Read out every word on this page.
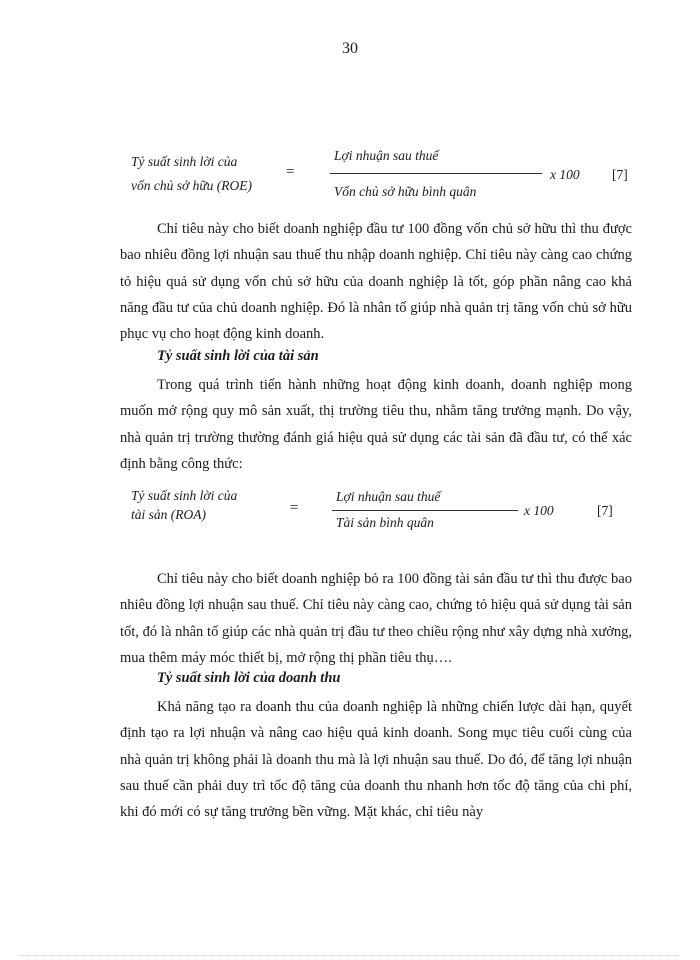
30
Tỷ suất sinh lời của
vốn chủ sở hữu (ROE)
=
Lợi nhuận sau thuế
Vốn chủ sở hữu bình quân
x 100 [7]

Chỉ tiêu này cho biết doanh nghiệp đầu tư 100 đồng vốn chủ sở hữu thì thu được bao nhiêu đồng lợi nhuận sau thuế thu nhập doanh nghiệp. Chỉ tiêu này càng cao chứng tỏ hiệu quả sử dụng vốn chủ sở hữu của doanh nghiệp là tốt, góp phần nâng cao khả năng đầu tư của chủ doanh nghiệp. Đó là nhân tố giúp nhà quản trị tăng vốn chủ sở hữu phục vụ cho hoạt động kinh doanh.

Tỷ suất sinh lời của tài sản

Trong quá trình tiến hành những hoạt động kinh doanh, doanh nghiệp mong muốn mở rộng quy mô sản xuất, thị trường tiêu thu, nhằm tăng trưởng mạnh. Do vậy, nhà quản trị trường thường đánh giá hiệu quả sử dụng các tài sản đã đầu tư, có thể xác định bằng công thức:

Tỷ suất sinh lời của
tài sản (ROA)	=
Lợi nhuận sau thuế
Tài sản bình quân
x 100	[7]

Chỉ tiêu này cho biết doanh nghiệp bỏ ra 100 đồng tài sản đầu tư thì thu được bao nhiêu đồng lợi nhuận sau thuế. Chỉ tiêu này càng cao, chứng tỏ hiệu quả sử dụng tài sản tốt, đó là nhân tố giúp các nhà quản trị đầu tư theo chiều rộng như xây dựng nhà xưởng, mua thêm máy móc thiết bị, mở rộng thị phần tiêu thụ….

Tỷ suất sinh lời của doanh thu

Khả năng tạo ra doanh thu của doanh nghiệp là những chiến lược dài hạn, quyết định tạo ra lợi nhuận và nâng cao hiệu quả kinh doanh. Song mục tiêu cuối cùng của nhà quản trị không phải là doanh thu mà là lợi nhuận sau thuế. Do đó, để tăng lợi nhuận sau thuế cần phải duy trì tốc độ tăng của doanh thu nhanh hơn tốc độ tăng của chi phí, khi đó mới có sự tăng trưởng bền vững. Mặt khác, chỉ tiêu này
